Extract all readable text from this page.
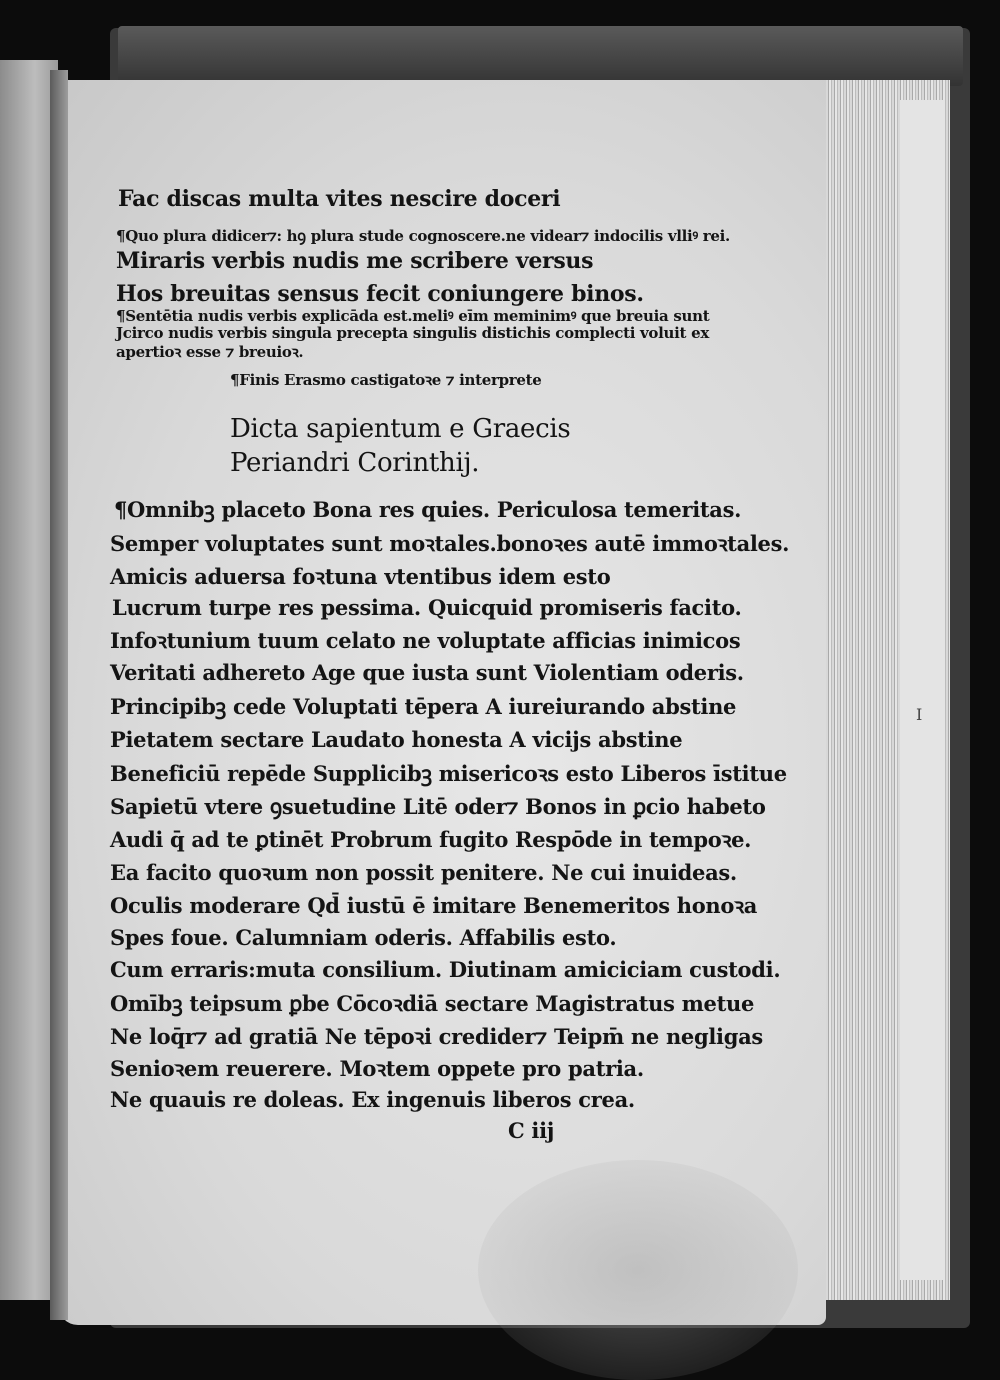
Fac discas multa vites nescire doceri
¶Quo plura didicer⁊: hꝯ plura stude cognoscere.ne videar⁊ indocilis vlliꝰ rei.
Miraris verbis nudis me scribere versus
Hos breuitas sensus fecit coniungere binos.
¶Sentētia nudis verbis explicāda est.meliꝰ eīm meminimꝰ que breuia sunt
Jcirco nudis verbis singula precepta singulis distichis complecti voluit ex
apertioꝛ esse ⁊ breuioꝛ.
¶Finis Erasmo castigatoꝛe ⁊ interprete
Dicta sapientum e Graecis
Periandri Corinthij.
¶Omnibꝫ placeto Bona res quies. Periculosa temeritas.
Semper voluptates sunt moꝛtales.bonoꝛes autē immoꝛtales.
Amicis aduersa foꝛtuna vtentibus idem esto
Lucrum turpe res pessima. Quicquid promiseris facito.
Infoꝛtunium tuum celato ne voluptate afficias inimicos
Veritati adhereto Age que iusta sunt Violentiam oderis.
Principibꝫ cede Voluptati tēpera A iureiurando abstine
Pietatem sectare Laudato honesta A vicijs abstine
Beneficiū repēde Supplicibꝫ misericoꝛs esto Liberos īstitue
Sapietū vtere ꝯsuetudine Litē oder⁊ Bonos in ꝑcio habeto
Audi q̄ ad te ꝑtinēt Probrum fugito Respōde in tempoꝛe.
Ea facito quoꝛum non possit penitere. Ne cui inuideas.
Oculis moderare Qd̄ iustū ē imitare Benemeritos honoꝛa
Spes foue. Calumniam oderis. Affabilis esto.
Cum erraris:muta consilium. Diutinam amiciciam custodi.
Omībꝫ teipsum ꝑbe Cōcoꝛdiā sectare Magistratus metue
Ne loq̄r⁊ ad gratiā Ne tēpoꝛi credider⁊ Teipm̄ ne negligas
Senioꝛem reuerere. Moꝛtem oppete pro patria.
Ne quauis re doleas. Ex ingenuis liberos crea.
C iij
I
